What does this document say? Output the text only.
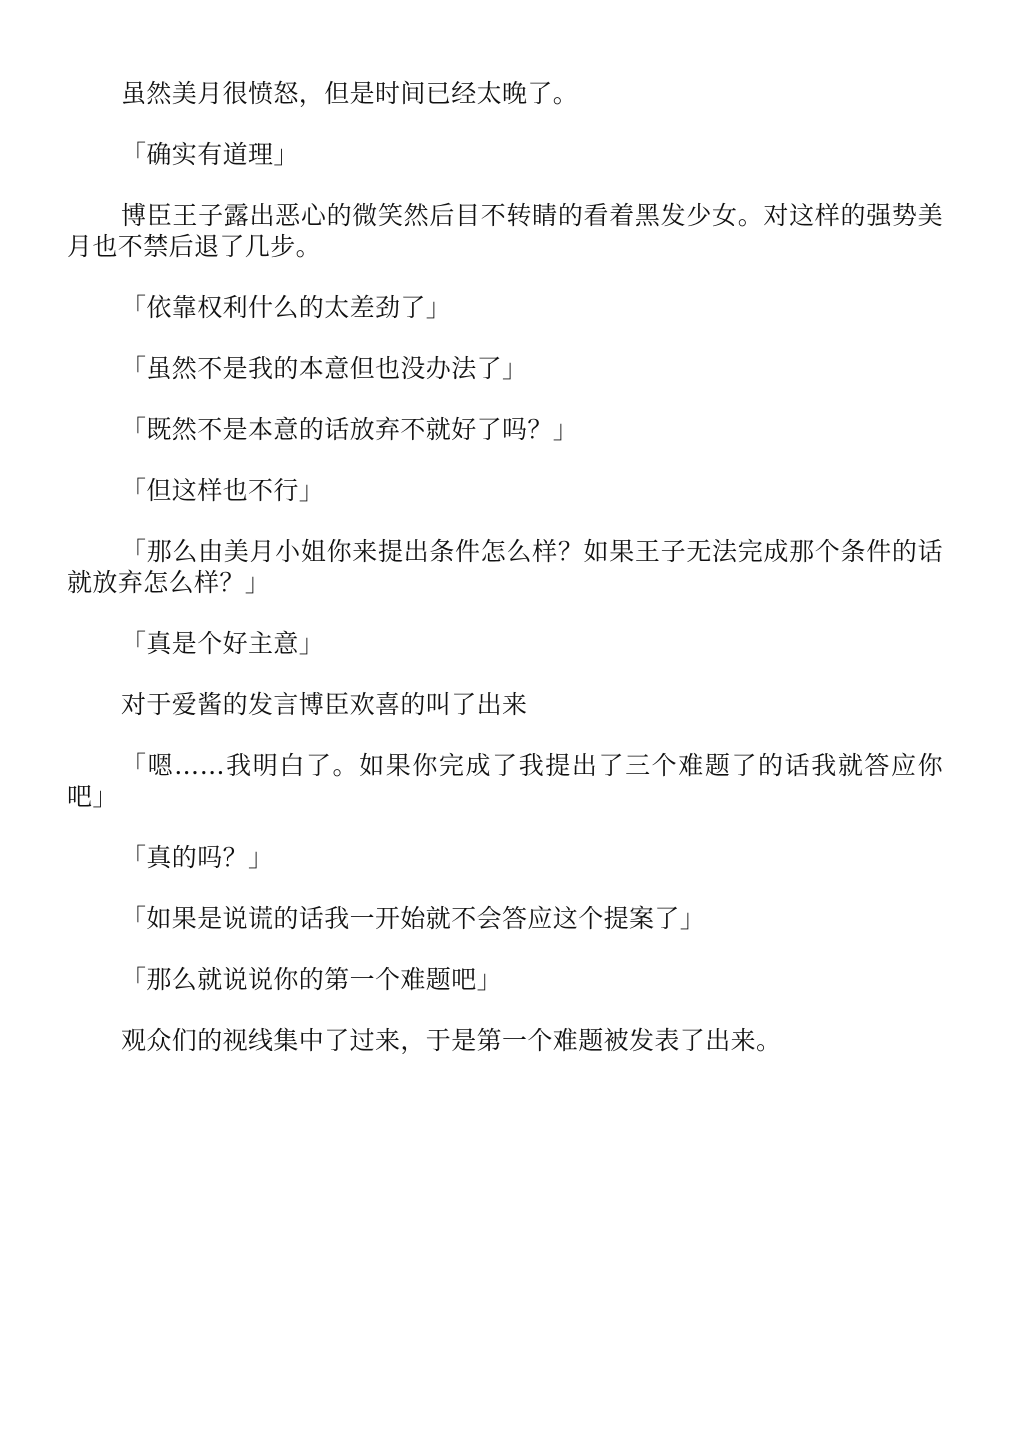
虽然美月很愤怒，但是时间已经太晚了。

「确实有道理」

博臣王子露出恶心的微笑然后目不转睛的看着黑发少女。对这样的强势美月也不禁后退了几步。

「依靠权利什么的太差劲了」

「虽然不是我的本意但也没办法了」

「既然不是本意的话放弃不就好了吗？」

「但这样也不行」

「那么由美月小姐你来提出条件怎么样？如果王子无法完成那个条件的话就放弃怎么样？」

「真是个好主意」

对于爱酱的发言博臣欢喜的叫了出来

「嗯……我明白了。如果你完成了我提出了三个难题了的话我就答应你吧」

「真的吗？」

「如果是说谎的话我一开始就不会答应这个提案了」

「那么就说说你的第一个难题吧」

观众们的视线集中了过来，于是第一个难题被发表了出来。
